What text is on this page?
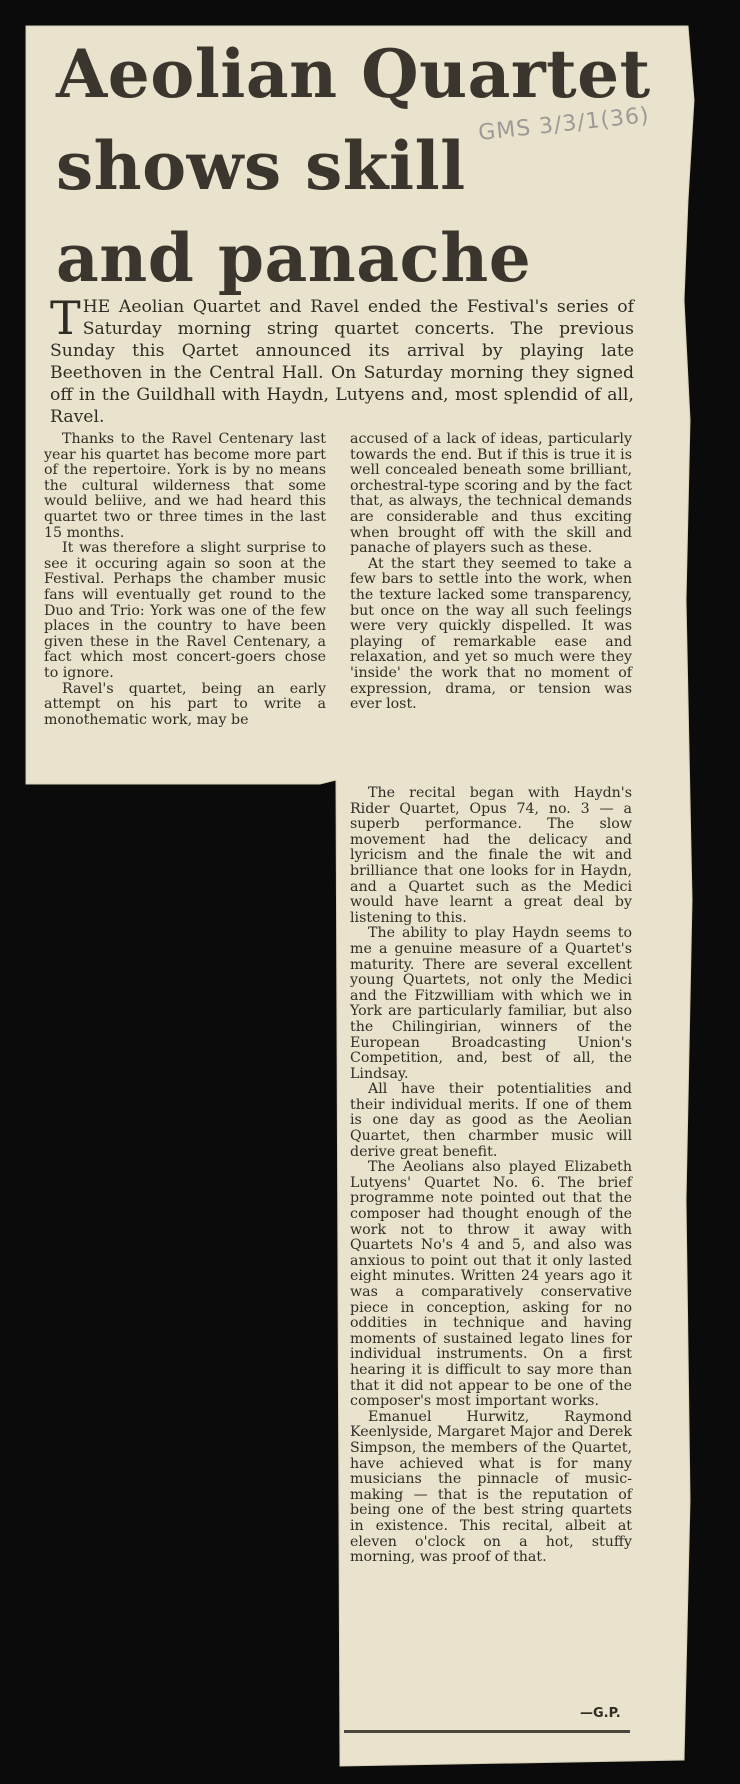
Aeolian Quartet
shows skill
and panache
GMS 3/3/1(36)

THE Aeolian Quartet and Ravel ended the Festival's series of Saturday morning string quartet concerts. The previous Sunday this Qartet announced its arrival by playing late Beethoven in the Central Hall. On Saturday morning they signed off in the Guildhall with Haydn, Lutyens and, most splendid of all, Ravel.

Thanks to the Ravel Centenary last year his quartet has become more part of the repertoire. York is by no means the cultural wilderness that some would beliive, and we had heard this quartet two or three times in the last 15 months.

It was therefore a slight surprise to see it occuring again so soon at the Festival. Perhaps the chamber music fans will eventually get round to the Duo and Trio: York was one of the few places in the country to have been given these in the Ravel Centenary, a fact which most concert-goers chose to ignore.

Ravel's quartet, being an early attempt on his part to write a monothematic work, may be

accused of a lack of ideas, particularly towards the end. But if this is true it is well concealed beneath some brilliant, orchestral-type scoring and by the fact that, as always, the technical demands are considerable and thus exciting when brought off with the skill and panache of players such as these.

At the start they seemed to take a few bars to settle into the work, when the texture lacked some transparency, but once on the way all such feelings were very quickly dispelled. It was playing of remarkable ease and relaxation, and yet so much were they 'inside' the work that no moment of expression, drama, or tension was ever lost.

The recital began with Haydn's Rider Quartet, Opus 74, no. 3 — a superb performance. The slow movement had the delicacy and lyricism and the finale the wit and brilliance that one looks for in Haydn, and a Quartet such as the Medici would have learnt a great deal by listening to this.

The ability to play Haydn seems to me a genuine measure of a Quartet's maturity. There are several excellent young Quartets, not only the Medici and the Fitzwilliam with which we in York are particularly familiar, but also the Chilingirian, winners of the European Broadcasting Union's Competition, and, best of all, the Lindsay.

All have their potentialities and their individual merits. If one of them is one day as good as the Aeolian Quartet, then charmber music will derive great benefit.

The Aeolians also played Elizabeth Lutyens' Quartet No. 6. The brief programme note pointed out that the composer had thought enough of the work not to throw it away with Quartets No's 4 and 5, and also was anxious to point out that it only lasted eight minutes. Written 24 years ago it was a comparatively conservative piece in conception, asking for no oddities in technique and having moments of sustained legato lines for individual instruments. On a first hearing it is difficult to say more than that it did not appear to be one of the composer's most important works.

Emanuel Hurwitz, Raymond Keenlyside, Margaret Major and Derek Simpson, the members of the Quartet, have achieved what is for many musicians the pinnacle of music-making — that is the reputation of being one of the best string quartets in existence. This recital, albeit at eleven o'clock on a hot, stuffy morning, was proof of that.

—G.P.
